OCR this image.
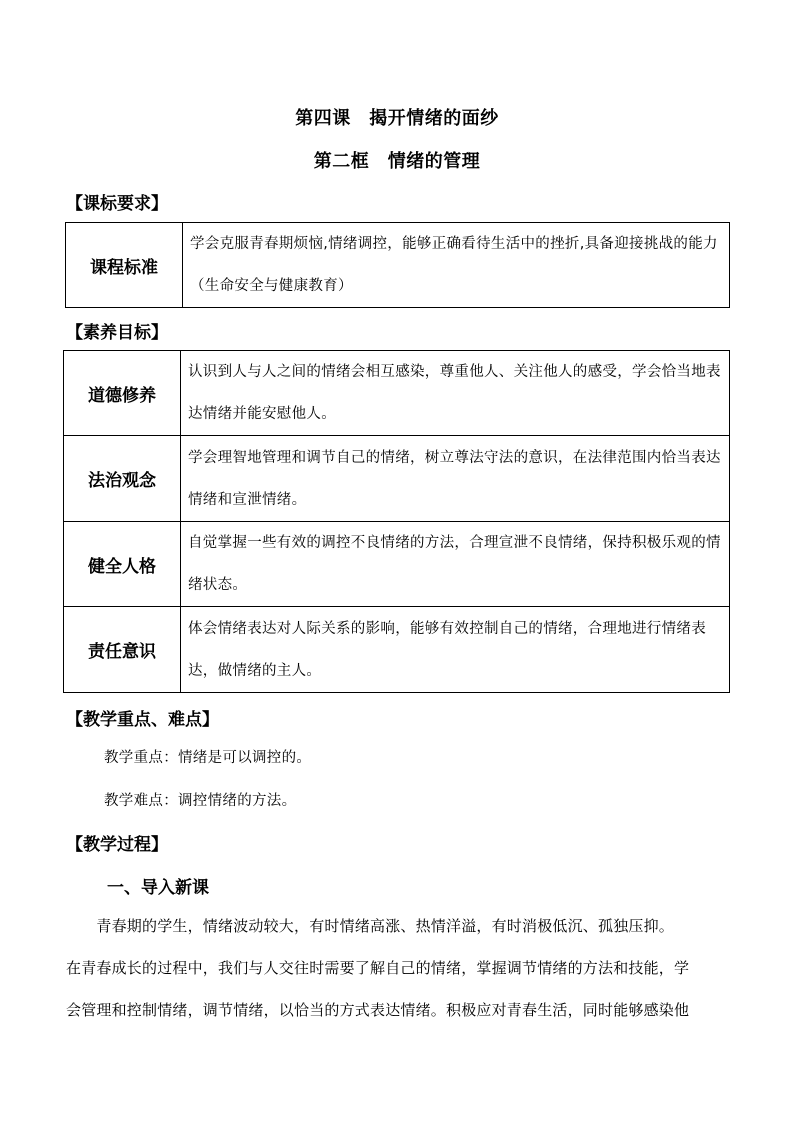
第四课　揭开情绪的面纱
第二框　情绪的管理
【课标要求】
课程标准	学会克服青春期烦恼,情绪调控，能够正确看待生活中的挫折,具备迎接挑战的能力（生命安全与健康教育）
【素养目标】
道德修养	认识到人与人之间的情绪会相互感染，尊重他人、关注他人的感受，学会恰当地表达情绪并能安慰他人。
法治观念	学会理智地管理和调节自己的情绪，树立尊法守法的意识，在法律范围内恰当表达情绪和宣泄情绪。
健全人格	自觉掌握一些有效的调控不良情绪的方法，合理宣泄不良情绪，保持积极乐观的情绪状态。
责任意识	体会情绪表达对人际关系的影响，能够有效控制自己的情绪，合理地进行情绪表达，做情绪的主人。
【教学重点、难点】
教学重点：情绪是可以调控的。
教学难点：调控情绪的方法。
【教学过程】
一、导入新课

　　青春期的学生，情绪波动较大，有时情绪高涨、热情洋溢，有时消极低沉、孤独压抑。

在青春成长的过程中，我们与人交往时需要了解自己的情绪，掌握调节情绪的方法和技能，学

会管理和控制情绪，调节情绪，以恰当的方式表达情绪。积极应对青春生活，同时能够感染他
